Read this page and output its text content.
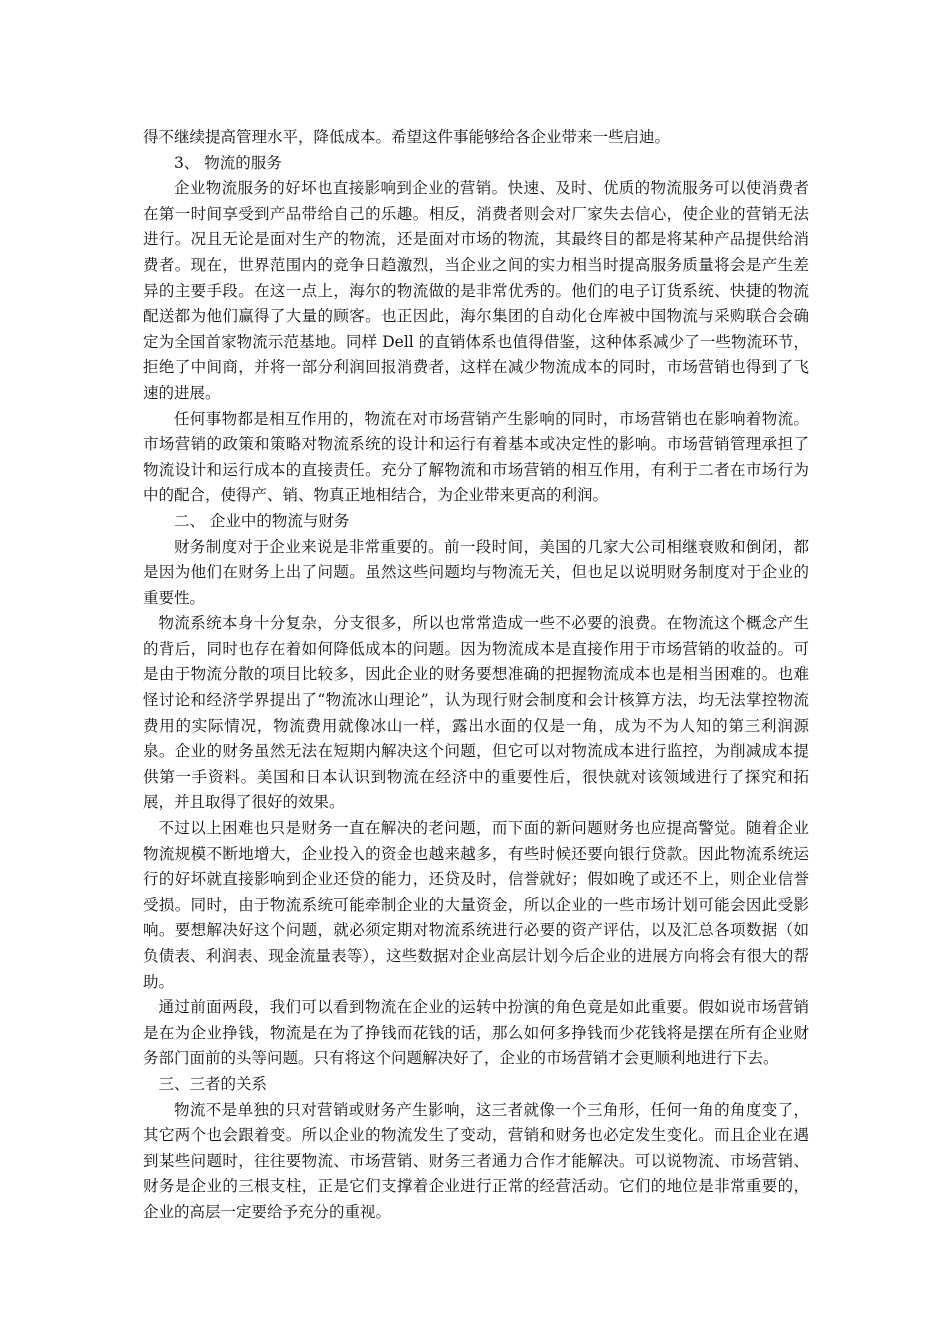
得不继续提高管理水平，降低成本。希望这件事能够给各企业带来一些启迪。

3、 物流的服务

企业物流服务的好坏也直接影响到企业的营销。快速、及时、优质的物流服务可以使消费者在第一时间享受到产品带给自己的乐趣。相反，消费者则会对厂家失去信心，使企业的营销无法进行。况且无论是面对生产的物流，还是面对市场的物流，其最终目的都是将某种产品提供给消费者。现在，世界范围内的竞争日趋激烈，当企业之间的实力相当时提高服务质量将会是产生差异的主要手段。在这一点上，海尔的物流做的是非常优秀的。他们的电子订货系统、快捷的物流配送都为他们赢得了大量的顾客。也正因此，海尔集团的自动化仓库被中国物流与采购联合会确定为全国首家物流示范基地。同样 Dell 的直销体系也值得借鉴，这种体系减少了一些物流环节，拒绝了中间商，并将一部分利润回报消费者，这样在减少物流成本的同时，市场营销也得到了飞速的进展。

任何事物都是相互作用的，物流在对市场营销产生影响的同时，市场营销也在影响着物流。市场营销的政策和策略对物流系统的设计和运行有着基本或决定性的影响。市场营销管理承担了物流设计和运行成本的直接责任。充分了解物流和市场营销的相互作用，有利于二者在市场行为中的配合，使得产、销、物真正地相结合，为企业带来更高的利润。

二、 企业中的物流与财务

财务制度对于企业来说是非常重要的。前一段时间，美国的几家大公司相继衰败和倒闭，都是因为他们在财务上出了问题。虽然这些问题均与物流无关，但也足以说明财务制度对于企业的重要性。

物流系统本身十分复杂，分支很多，所以也常常造成一些不必要的浪费。在物流这个概念产生的背后，同时也存在着如何降低成本的问题。因为物流成本是直接作用于市场营销的收益的。可是由于物流分散的项目比较多，因此企业的财务要想准确的把握物流成本也是相当困难的。也难怪讨论和经济学界提出了“物流冰山理论”，认为现行财会制度和会计核算方法，均无法掌控物流费用的实际情况，物流费用就像冰山一样，露出水面的仅是一角，成为不为人知的第三利润源泉。企业的财务虽然无法在短期内解决这个问题，但它可以对物流成本进行监控，为削减成本提供第一手资料。美国和日本认识到物流在经济中的重要性后，很快就对该领域进行了探究和拓展，并且取得了很好的效果。

不过以上困难也只是财务一直在解决的老问题，而下面的新问题财务也应提高警觉。随着企业物流规模不断地增大，企业投入的资金也越来越多，有些时候还要向银行贷款。因此物流系统运行的好坏就直接影响到企业还贷的能力，还贷及时，信誉就好；假如晚了或还不上，则企业信誉受损。同时，由于物流系统可能牵制企业的大量资金，所以企业的一些市场计划可能会因此受影响。要想解决好这个问题，就必须定期对物流系统进行必要的资产评估，以及汇总各项数据（如负债表、利润表、现金流量表等），这些数据对企业高层计划今后企业的进展方向将会有很大的帮助。

通过前面两段，我们可以看到物流在企业的运转中扮演的角色竟是如此重要。假如说市场营销是在为企业挣钱，物流是在为了挣钱而花钱的话，那么如何多挣钱而少花钱将是摆在所有企业财务部门面前的头等问题。只有将这个问题解决好了，企业的市场营销才会更顺利地进行下去。

三、三者的关系

物流不是单独的只对营销或财务产生影响，这三者就像一个三角形，任何一角的角度变了，其它两个也会跟着变。所以企业的物流发生了变动，营销和财务也必定发生变化。而且企业在遇到某些问题时，往往要物流、市场营销、财务三者通力合作才能解决。可以说物流、市场营销、财务是企业的三根支柱，正是它们支撑着企业进行正常的经营活动。它们的地位是非常重要的，企业的高层一定要给予充分的重视。
